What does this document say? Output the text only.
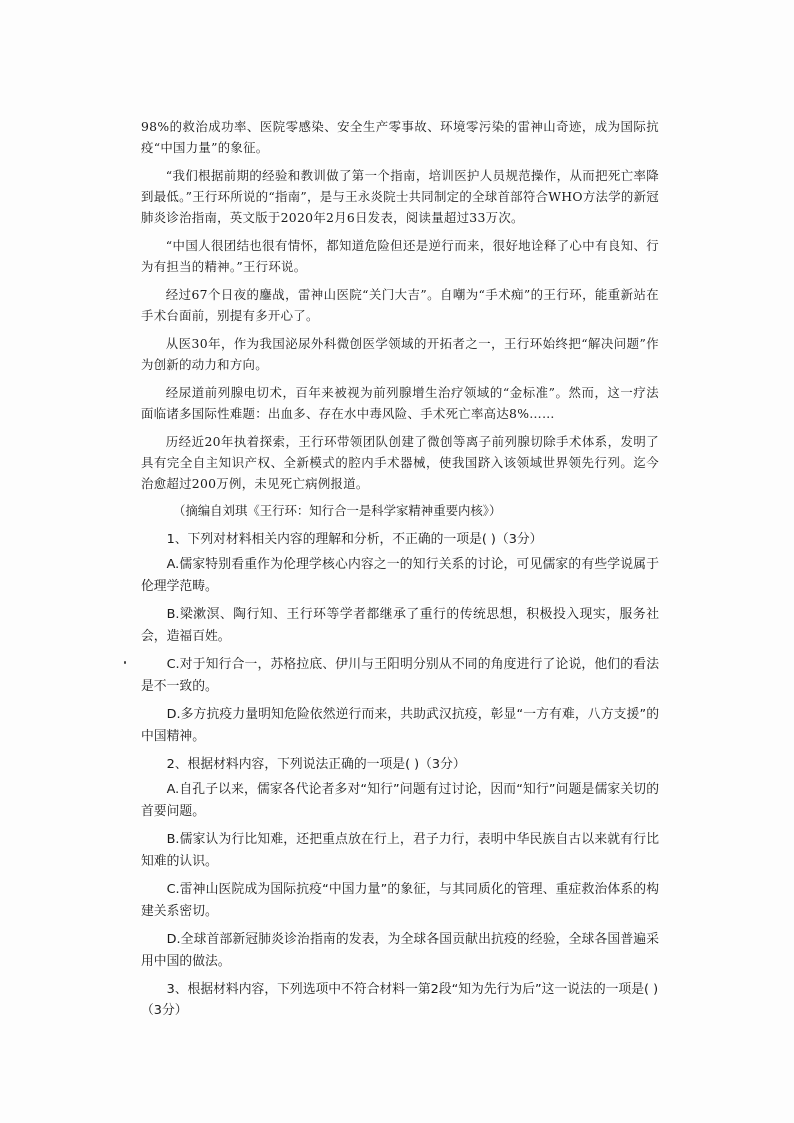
98%的救治成功率、医院零感染、安全生产零事故、环境零污染的雷神山奇迹，成为国际抗疫“中国力量”的象征。

“我们根据前期的经验和教训做了第一个指南，培训医护人员规范操作，从而把死亡率降到最低。”王行环所说的“指南”，是与王永炎院士共同制定的全球首部符合WHO方法学的新冠肺炎诊治指南，英文版于2020年2月6日发表，阅读量超过33万次。

“中国人很团结也很有情怀，都知道危险但还是逆行而来，很好地诠释了心中有良知、行为有担当的精神。”王行环说。

经过67个日夜的鏖战，雷神山医院“关门大吉”。自嘲为“手术痴”的王行环，能重新站在手术台面前，别提有多开心了。

从医30年，作为我国泌尿外科微创医学领域的开拓者之一，王行环始终把“解决问题”作为创新的动力和方向。

经尿道前列腺电切术，百年来被视为前列腺增生治疗领域的“金标准”。然而，这一疗法面临诸多国际性难题：出血多、存在水中毒风险、手术死亡率高达8%……

历经近20年执着探索，王行环带领团队创建了微创等离子前列腺切除手术体系，发明了具有完全自主知识产权、全新模式的腔内手术器械，使我国跻入该领域世界领先行列。迄今治愈超过200万例，未见死亡病例报道。

（摘编自刘琪《王行环：知行合一是科学家精神重要内核》）

1、下列对材料相关内容的理解和分析，不正确的一项是( )（3分）

A.儒家特别看重作为伦理学核心内容之一的知行关系的讨论，可见儒家的有些学说属于伦理学范畴。

B.梁漱溟、陶行知、王行环等学者都继承了重行的传统思想，积极投入现实，服务社会，造福百姓。

C.对于知行合一，苏格拉底、伊川与王阳明分别从不同的角度进行了论说，他们的看法是不一致的。

D.多方抗疫力量明知危险依然逆行而来，共助武汉抗疫，彰显“一方有难，八方支援”的中国精神。

2、根据材料内容，下列说法正确的一项是( )（3分）

A.自孔子以来，儒家各代论者多对“知行”问题有过讨论，因而“知行”问题是儒家关切的首要问题。

B.儒家认为行比知难，还把重点放在行上，君子力行，表明中华民族自古以来就有行比知难的认识。

C.雷神山医院成为国际抗疫“中国力量”的象征，与其同质化的管理、重症救治体系的构建关系密切。

D.全球首部新冠肺炎诊治指南的发表，为全球各国贡献出抗疫的经验，全球各国普遍采用中国的做法。

3、根据材料内容，下列选项中不符合材料一第2段“知为先行为后”这一说法的一项是( )（3分）
